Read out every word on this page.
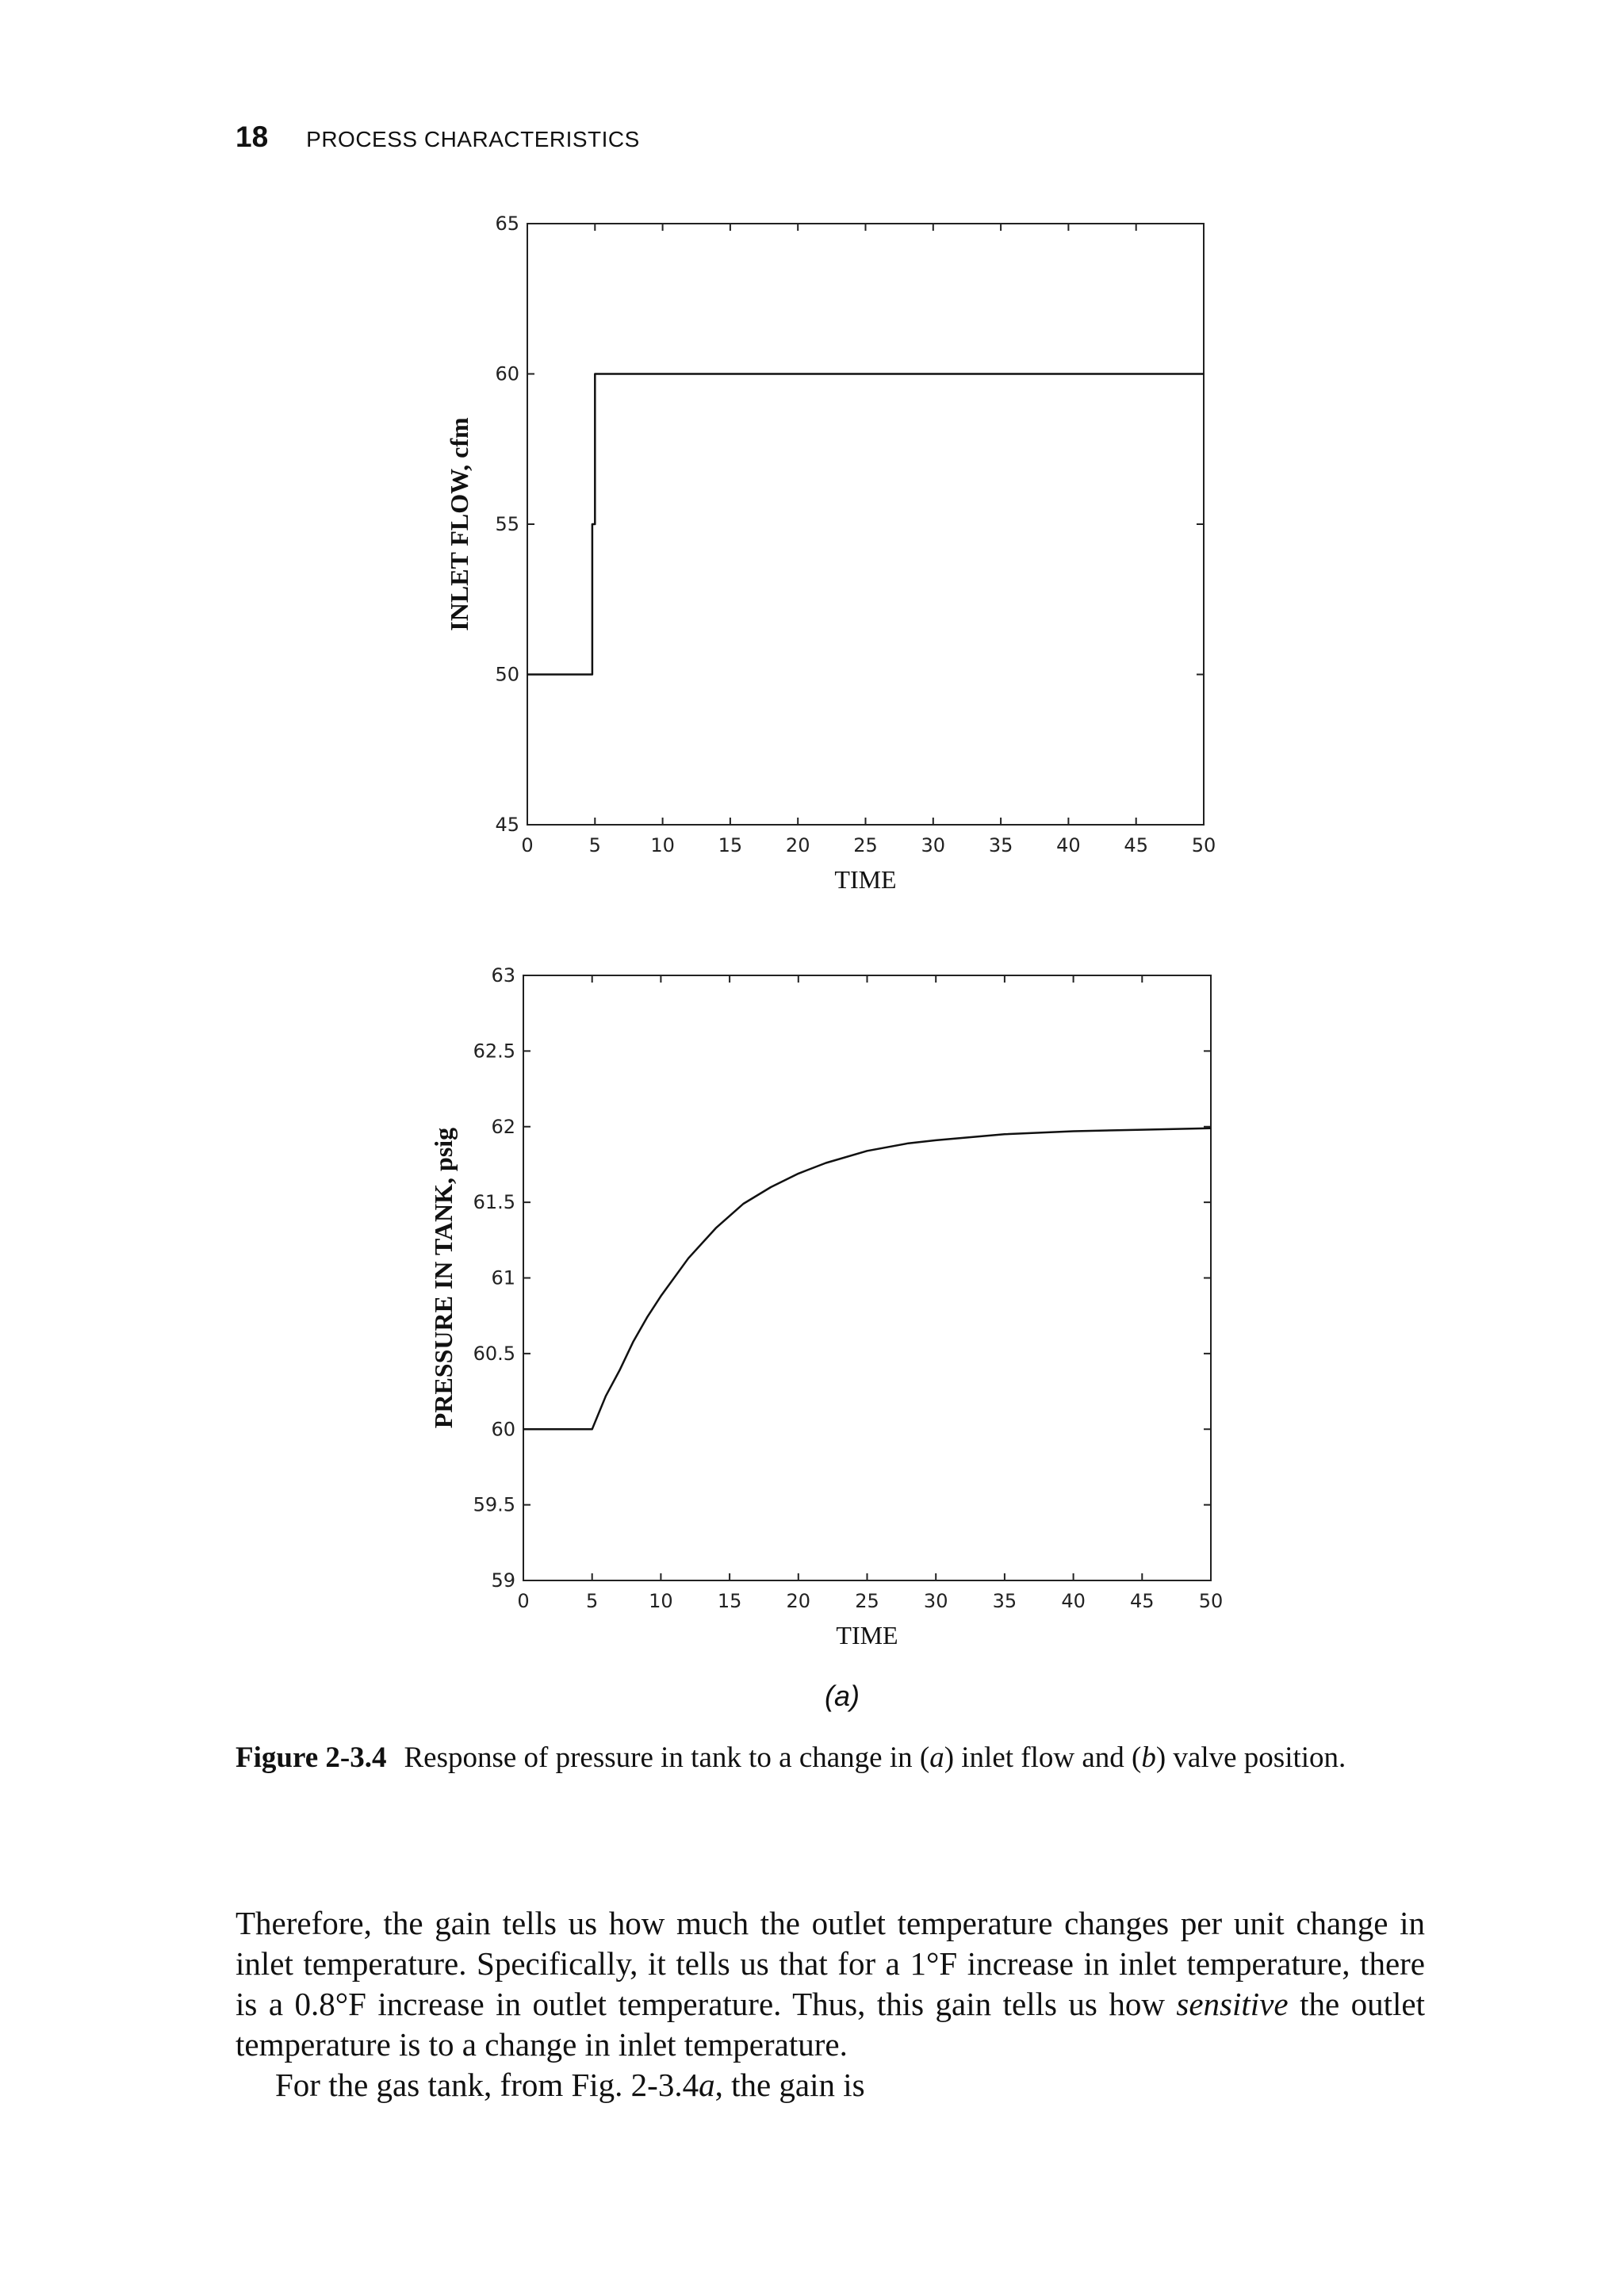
18 PROCESS CHARACTERISTICS
0	5	10 15 20 25 30 35 40 45 50
45
50
55
60
65
TIME
INLET FLOW, cfm
0	5	10 15 20 25 30 35 40 45 50
59
59.5
60
60.5
61
61.5
62
62.5
63
TIME
PRESSURE IN TANK, psig
(a)
Figure 2-3.4 Response of pressure in tank to a change in (a) inlet flow and (b) valve position.

Therefore, the gain tells us how much the outlet temperature changes per unit change in inlet temperature. Specifically, it tells us that for a 1°F increase in inlet temperature, there is a 0.8°F increase in outlet temperature. Thus, this gain tells us how sensitive the outlet temperature is to a change in inlet temperature.

For the gas tank, from Fig. 2-3.4a, the gain is
